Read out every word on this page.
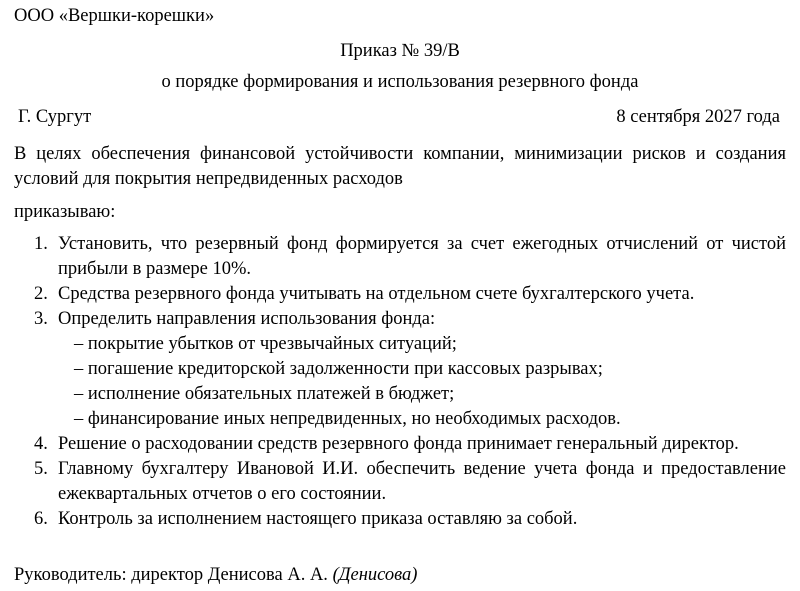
ООО «Вершки-корешки»
Приказ № 39/В
о порядке формирования и использования резервного фонда
Г. Сургут	8 сентября 2027 года
В целях обеспечения финансовой устойчивости компании, минимизации рисков и создания условий для покрытия непредвиденных расходов
приказываю:
1. Установить, что резервный фонд формируется за счет ежегодных отчислений от чистой прибыли в размере 10%.
2. Средства резервного фонда учитывать на отдельном счете бухгалтерского учета.
3. Определить направления использования фонда:
– покрытие убытков от чрезвычайных ситуаций;
– погашение кредиторской задолженности при кассовых разрывах;
– исполнение обязательных платежей в бюджет;
– финансирование иных непредвиденных, но необходимых расходов.
4. Решение о расходовании средств резервного фонда принимает генеральный директор.
5. Главному бухгалтеру Ивановой И.И. обеспечить ведение учета фонда и предоставление ежеквартальных отчетов о его состоянии.
6. Контроль за исполнением настоящего приказа оставляю за собой.
Руководитель: директор Денисова А. А. (Денисова)
